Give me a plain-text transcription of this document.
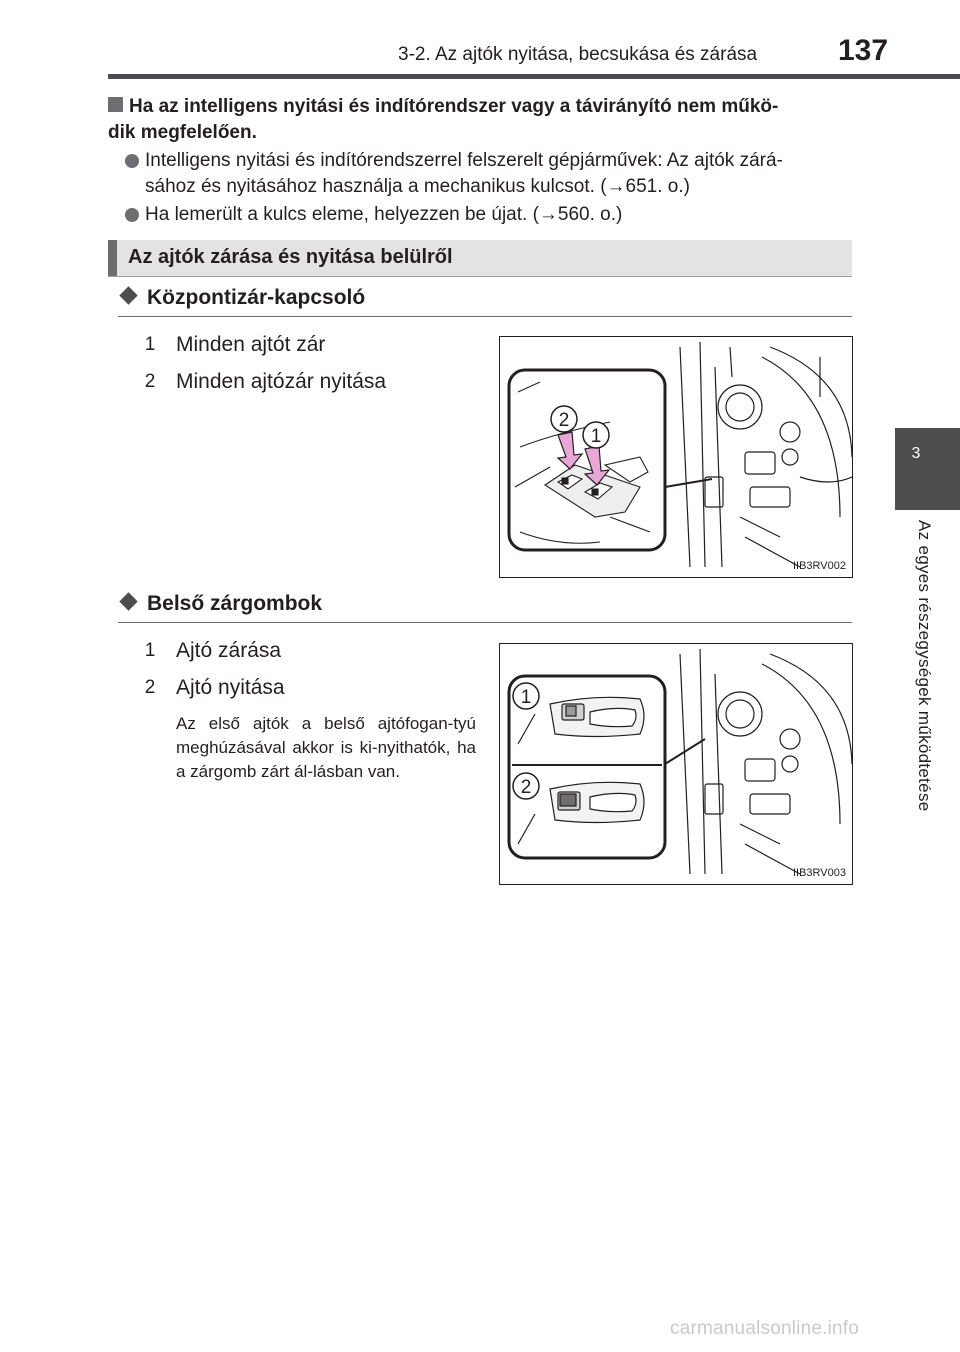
3-2. Az ajtók nyitása, becsukása és zárása	137
3
Az egyes részegységek működtetése
Ha az intelligens nyitási és indítórendszer vagy a távirányító nem műkö-
dik megfelelően.
Intelligens nyitási és indítórendszerrel felszerelt gépjárművek: Az ajtók zárá-
sához és nyitásához használja a mechanikus kulcsot. (→651. o.)
Ha lemerült a kulcs eleme, helyezzen be újat. (→560. o.)
Az ajtók zárása és nyitása belülről
Központizár-kapcsoló
1 Minden ajtót zár
2 Minden ajtózár nyitása
2
1
IIB3RV002
Belső zárgombok
1 Ajtó zárása
2 Ajtó nyitása
Az első ajtók a belső ajtófogan-tyú meghúzásával akkor is ki-nyithatók, ha a zárgomb zárt ál-lásban van.
1
2
IIB3RV003
carmanualsonline.info
